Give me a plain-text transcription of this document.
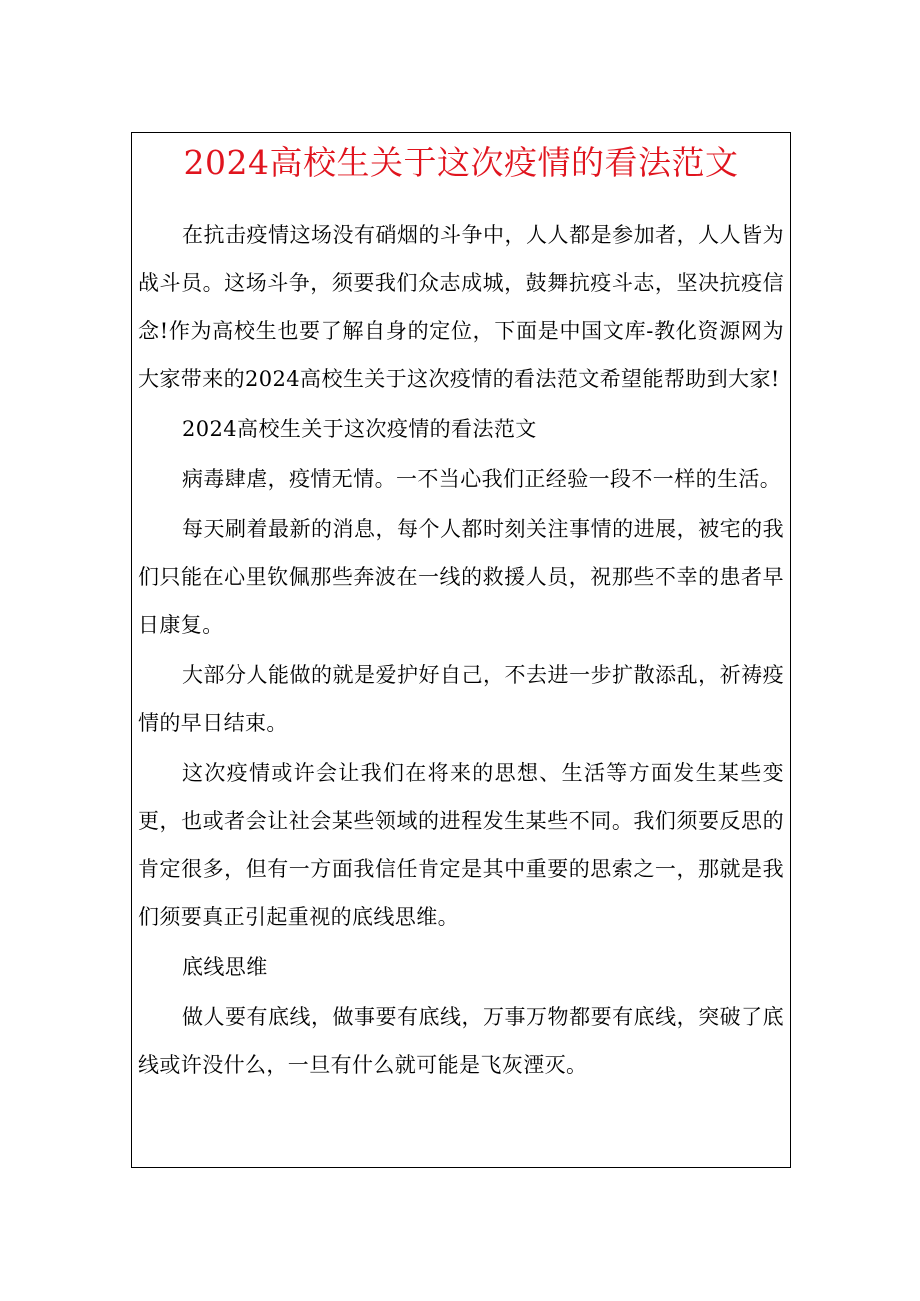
2024高校生关于这次疫情的看法范文

在抗击疫情这场没有硝烟的斗争中，人人都是参加者，人人皆为战斗员。这场斗争，须要我们众志成城，鼓舞抗疫斗志，坚决抗疫信念!作为高校生也要了解自身的定位，下面是中国文库-教化资源网为大家带来的2024高校生关于这次疫情的看法范文希望能帮助到大家!

2024高校生关于这次疫情的看法范文

病毒肆虐，疫情无情。一不当心我们正经验一段不一样的生活。

每天刷着最新的消息，每个人都时刻关注事情的进展，被宅的我们只能在心里钦佩那些奔波在一线的救援人员，祝那些不幸的患者早日康复。

大部分人能做的就是爱护好自己，不去进一步扩散添乱，祈祷疫情的早日结束。

这次疫情或许会让我们在将来的思想、生活等方面发生某些变更，也或者会让社会某些领域的进程发生某些不同。我们须要反思的肯定很多，但有一方面我信任肯定是其中重要的思索之一，那就是我们须要真正引起重视的底线思维。

底线思维

做人要有底线，做事要有底线，万事万物都要有底线，突破了底线或许没什么，一旦有什么就可能是飞灰湮灭。
